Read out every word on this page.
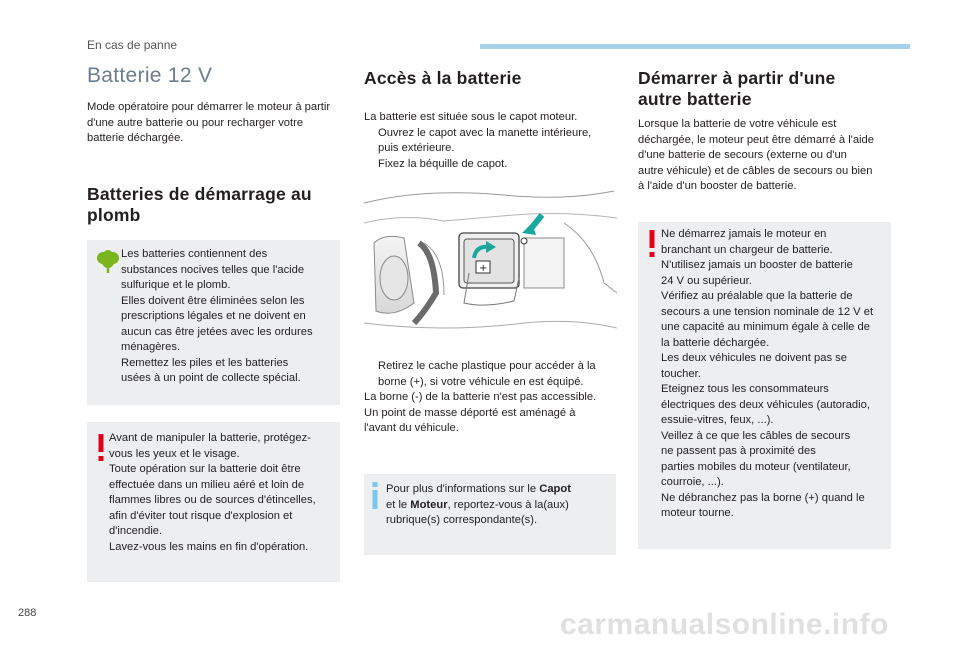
En cas de panne
Batterie 12 V
Mode opératoire pour démarrer le moteur à partir d'une autre batterie ou pour recharger votre batterie déchargée.
Batteries de démarrage au
plomb

Les batteries contiennent des

substances nocives telles que l'acide

sulfurique et le plomb.

Elles doivent être éliminées selon les

prescriptions légales et ne doivent en

aucun cas être jetées avec les ordures

ménagères.

Remettez les piles et les batteries

usées à un point de collecte spécial.

Avant de manipuler la batterie, protégez-

vous les yeux et le visage.

Toute opération sur la batterie doit être

effectuée dans un milieu aéré et loin de

flammes libres ou de sources d'étincelles,

afin d'éviter tout risque d'explosion et

d'incendie.

Lavez-vous les mains en fin d'opération.

Accès à la batterie

La batterie est située sous le capot moteur.

Ouvrez le capot avec la manette intérieure,
puis extérieure.
Fixez la béquille de capot.
+
Retirez le cache plastique pour accéder à la
borne (+), si votre véhicule en est équipé.

La borne (-) de la batterie n'est pas accessible.

Un point de masse déporté est aménagé à

l'avant du véhicule.

Pour plus d'informations sur le Capot

et le Moteur, reportez-vous à la(aux)

rubrique(s) correspondante(s).

Démarrer à partir d'une
autre batterie

Lorsque la batterie de votre véhicule est

déchargée, le moteur peut être démarré à l'aide

d'une batterie de secours (externe ou d'un

autre véhicule) et de câbles de secours ou bien

à l'aide d'un booster de batterie.

Ne démarrez jamais le moteur en

branchant un chargeur de batterie.

N'utilisez jamais un booster de batterie

24 V ou supérieur.

Vérifiez au préalable que la batterie de

secours a une tension nominale de 12 V et

une capacité au minimum égale à celle de

la batterie déchargée.

Les deux véhicules ne doivent pas se

toucher.

Eteignez tous les consommateurs

électriques des deux véhicules (autoradio,

essuie-vitres, feux, ...).

Veillez à ce que les câbles de secours

ne passent pas à proximité des

parties mobiles du moteur (ventilateur,

courroie, ...).

Ne débranchez pas la borne (+) quand le

moteur tourne.

288	carmanualsonline.info
